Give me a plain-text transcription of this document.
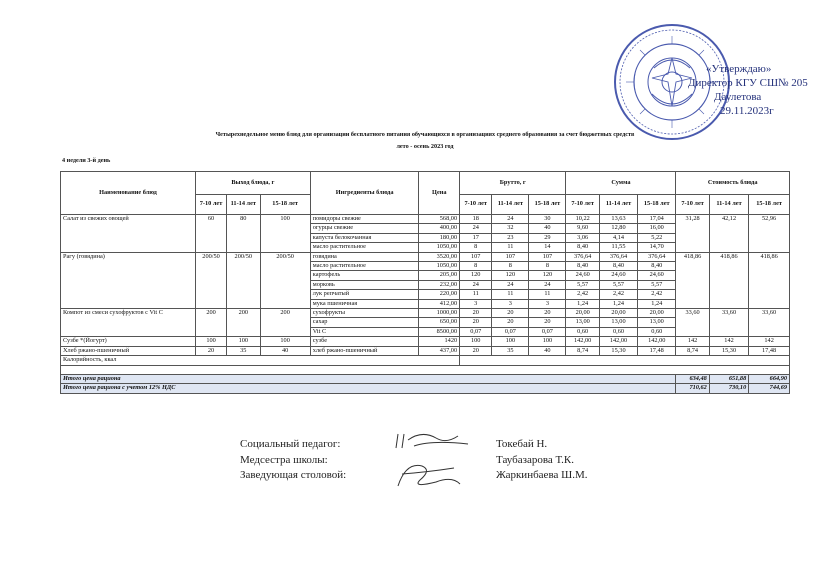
«Утверждаю»
Директор КГУ СШ№ 205
Даулетова
29.11.2023г
Четырехнедельное меню блюд для организации бесплатного питания обучающихся в организациях среднего образования за счет бюджетных средств
лето - осень 2023 год
4 недели 3-й день
Наименование блюд	Выход блюда, г			Ингредиенты блюда	Цена	Брутто, г			Сумма			Стоимость блюда		
	7-10 лет	11-14 лет	15-18 лет			7-10 лет	11-14 лет	15-18 лет	7-10 лет	11-14 лет	15-18 лет	7-10 лет	11-14 лет	15-18 лет
Салат из свежих овощей	60	80	100	помидоры свежие	568,00	18	24	30	10,22	13,63	17,04	31,28	42,12	52,96
				огурцы свежие	400,00	24	32	40	9,60	12,80	16,00			
				капуста белокочанная	180,00	17	23	29	3,06	4,14	5,22			
				масло растительное	1050,00	8	11	14	8,40	11,55	14,70			
Рагу (говядина)	200/50	200/50	200/50	говядина	3520,00	107	107	107	376,64	376,64	376,64	418,86	418,86	418,86
				масло растительное	1050,00	8	8	8	8,40	8,40	8,40			
				картофель	205,00	120	120	120	24,60	24,60	24,60			
				морковь	232,00	24	24	24	5,57	5,57	5,57			
				лук репчатый	220,00	11	11	11	2,42	2,42	2,42			
				мука пшеничная	412,00	3	3	3	1,24	1,24	1,24			
Компот из смеси сухофруктов с Vit C	200	200	200	сухофрукты	1000,00	20	20	20	20,00	20,00	20,00	33,60	33,60	33,60
				сахар	650,00	20	20	20	13,00	13,00	13,00			
				Vit C	8500,00	0,07	0,07	0,07	0,60	0,60	0,60			
Сузбе *(Йогурт)	100	100	100	сузбе	1420	100	100	100	142,00	142,00	142,00	142	142	142
Хлеб ржано-пшеничный	20	35	40	хлеб ржано-пшеничный	437,00	20	35	40	8,74	15,30	17,48	8,74	15,30	17,48
Калорийность, ккал														

Итого цена рациона												634,48	651,88	664,90
Итого цена рациона с учетом 12% НДС												710,62	730,10	744,69
Социальный педагог:	Токебай Н.
Медсестра школы:	Таубазарова Т.К.
Заведующая столовой:	Жаркинбаева Ш.М.
